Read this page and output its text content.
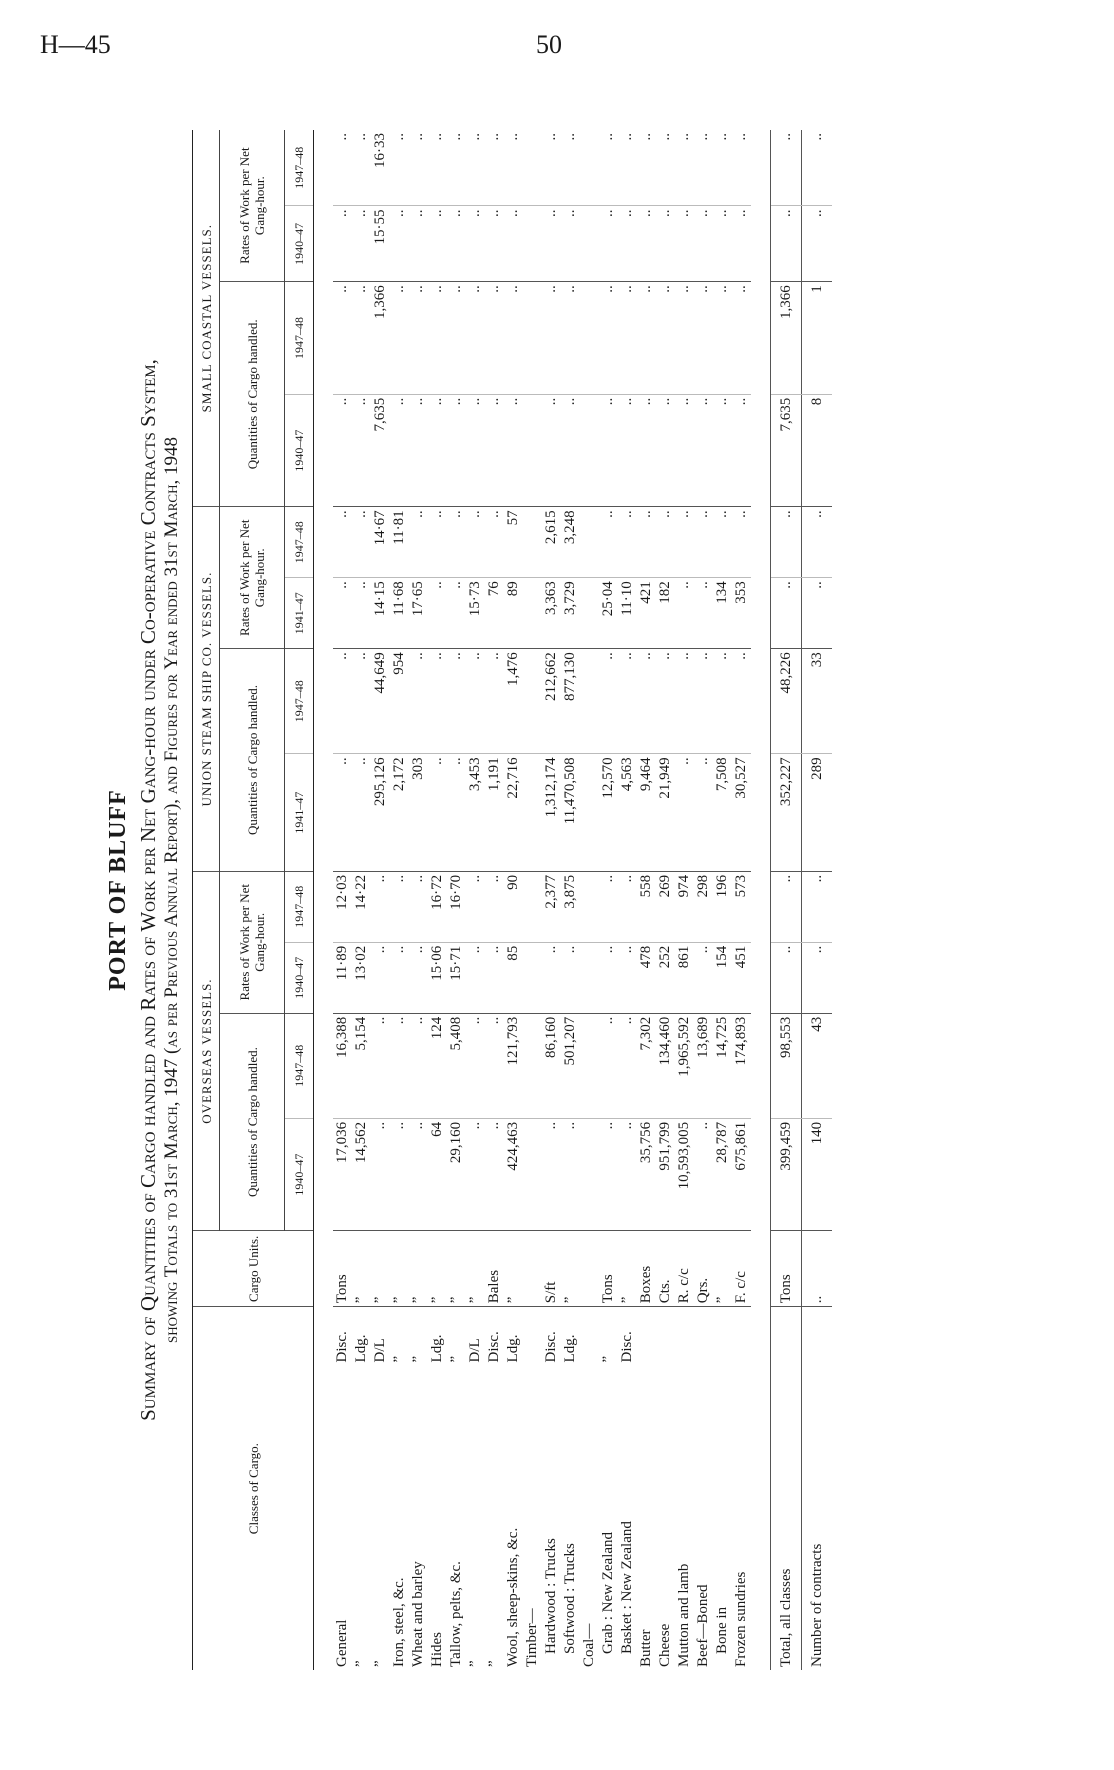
H—45	50
PORT OF BLUFF Summary of Quantities of Cargo handled and Rates of Work per Net Gang-hour under Co-operative Contracts System, showing Totals to 31st March, 1947 (as per Previous Annual Report), and Figures for Year ended 31st March, 1948
Classes of Cargo.		Cargo Units.	OVERSEAS VESSELS.				UNION STEAM SHIP CO. VESSELS.				SMALL COASTAL VESSELS.			
			Quantities of Cargo handled.		Rates of Work per Net Gang-hour.		Quantities of Cargo handled.		Rates of Work per Net Gang-hour.		Quantities of Cargo handled.		Rates of Work per Net Gang-hour.	
			1940–47	1947–48	1940–47	1947–48	1941–47	1947–48	1941–47	1947–48	1940–47	1947–48	1940–47	1947–48

General	Disc.	Tons	17,036	16,388	11·89	12·03	..	..	..	..	..	..	..	..
”	Ldg.	”	14,562	5,154	13·02	14·22	..	..	..	..	..	..	..	..
”	D/L	”	..	..	..	..	295,126	44,649	14·15	14·67	7,635	1,366	15·55	16·33
Iron, steel, &c.	”	”	..	..	..	..	2,172	954	11·68	11·81	..	..	..	..
Wheat and barley	”	”	..	..	..	..	303	..	17·65	..	..	..	..	..
Hides	Ldg.	”	64	124	15·06	16·72	..	..	..	..	..	..	..	..
Tallow, pelts, &c.	”	”	29,160	5,408	15·71	16·70	..	..	..	..	..	..	..	..
”	D/L	”	..	..	..	..	3,453	..	15·73	..	..	..	..	..
”	Disc.	Bales	..	..	..	..	1,191	..	76	..	..	..	..	..
Wool, sheep-skins, &c.	Ldg.	”	424,463	121,793	85	90	22,716	1,476	89	57	..	..	..	..
Timber—														
Hardwood : Trucks	Disc.	S/ft	..	86,160	..	2,377	1,312,174	212,662	3,363	2,615	..	..	..	..
Softwood : Trucks	Ldg.	”	..	501,207	..	3,875	11,470,508	877,130	3,729	3,248	..	..	..	..
Coal—														
Grab : New Zealand	”	Tons	..	..	..	..	12,570	..	25·04	..	..	..	..	..
Basket : New Zealand	Disc.	”	..	..	..	..	4,563	..	11·10	..	..	..	..	..
Butter		Boxes	35,756	7,302	478	558	9,464	..	421	..	..	..	..	..
Cheese		Cts.	951,799	134,460	252	269	21,949	..	182	..	..	..	..	..
Mutton and lamb		R. c/c	10,593,005	1,965,592	861	974	..	..	..	..	..	..	..	..
Beef—Boned		Qrs.	..	13,689	..	298	..	..	..	..	..	..	..	..
Bone in		”	28,787	14,725	154	196	7,508	..	134	..	..	..	..	..
Frozen sundries		F. c/c	675,861	174,893	451	573	30,527	..	353	..	..	..	..	..

Total, all classes		Tons	399,459	98,553	..	..	352,227	48,226	..	..	7,635	1,366	..	..
Number of contracts		..	140	43	..	..	289	33	..	..	8	1	..	..
